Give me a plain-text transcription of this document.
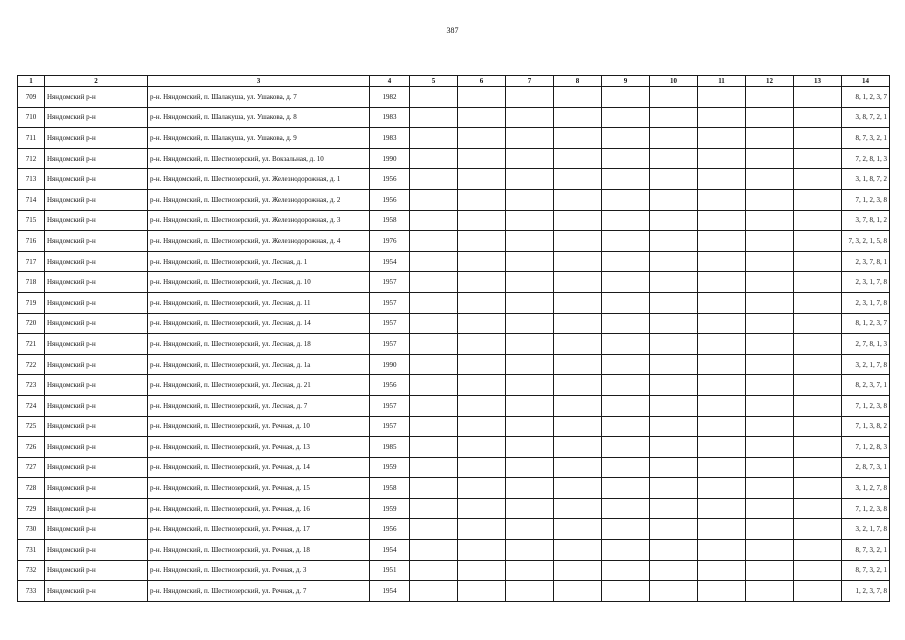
387
1	2	3	4	5	6	7	8	9	10	11	12	13	14
709	Няндомский р-н	р-н. Няндомский, п. Шалакуша, ул. Ушакова, д. 7	1982										8, 1, 2, 3, 7
710	Няндомский р-н	р-н. Няндомский, п. Шалакуша, ул. Ушакова, д. 8	1983										3, 8, 7, 2, 1
711	Няндомский р-н	р-н. Няндомский, п. Шалакуша, ул. Ушакова, д. 9	1983										8, 7, 3, 2, 1
712	Няндомский р-н	р-н. Няндомский, п. Шестиозерский, ул. Вокзальная, д. 10	1990										7, 2, 8, 1, 3
713	Няндомский р-н	р-н. Няндомский, п. Шестиозерский, ул. Железнодорожная, д. 1	1956										3, 1, 8, 7, 2
714	Няндомский р-н	р-н. Няндомский, п. Шестиозерский, ул. Железнодорожная, д. 2	1956										7, 1, 2, 3, 8
715	Няндомский р-н	р-н. Няндомский, п. Шестиозерский, ул. Железнодорожная, д. 3	1958										3, 7, 8, 1, 2
716	Няндомский р-н	р-н. Няндомский, п. Шестиозерский, ул. Железнодорожная, д. 4	1976										7, 3, 2, 1, 5, 8
717	Няндомский р-н	р-н. Няндомский, п. Шестиозерский, ул. Лесная, д. 1	1954										2, 3, 7, 8, 1
718	Няндомский р-н	р-н. Няндомский, п. Шестиозерский, ул. Лесная, д. 10	1957										2, 3, 1, 7, 8
719	Няндомский р-н	р-н. Няндомский, п. Шестиозерский, ул. Лесная, д. 11	1957										2, 3, 1, 7, 8
720	Няндомский р-н	р-н. Няндомский, п. Шестиозерский, ул. Лесная, д. 14	1957										8, 1, 2, 3, 7
721	Няндомский р-н	р-н. Няндомский, п. Шестиозерский, ул. Лесная, д. 18	1957										2, 7, 8, 1, 3
722	Няндомский р-н	р-н. Няндомский, п. Шестиозерский, ул. Лесная, д. 1а	1990										3, 2, 1, 7, 8
723	Няндомский р-н	р-н. Няндомский, п. Шестиозерский, ул. Лесная, д. 21	1956										8, 2, 3, 7, 1
724	Няндомский р-н	р-н. Няндомский, п. Шестиозерский, ул. Лесная, д. 7	1957										7, 1, 2, 3, 8
725	Няндомский р-н	р-н. Няндомский, п. Шестиозерский, ул. Речная, д. 10	1957										7, 1, 3, 8, 2
726	Няндомский р-н	р-н. Няндомский, п. Шестиозерский, ул. Речная, д. 13	1985										7, 1, 2, 8, 3
727	Няндомский р-н	р-н. Няндомский, п. Шестиозерский, ул. Речная, д. 14	1959										2, 8, 7, 3, 1
728	Няндомский р-н	р-н. Няндомский, п. Шестиозерский, ул. Речная, д. 15	1958										3, 1, 2, 7, 8
729	Няндомский р-н	р-н. Няндомский, п. Шестиозерский, ул. Речная, д. 16	1959										7, 1, 2, 3, 8
730	Няндомский р-н	р-н. Няндомский, п. Шестиозерский, ул. Речная, д. 17	1956										3, 2, 1, 7, 8
731	Няндомский р-н	р-н. Няндомский, п. Шестиозерский, ул. Речная, д. 18	1954										8, 7, 3, 2, 1
732	Няндомский р-н	р-н. Няндомский, п. Шестиозерский, ул. Речная, д. 3	1951										8, 7, 3, 2, 1
733	Няндомский р-н	р-н. Няндомский, п. Шестиозерский, ул. Речная, д. 7	1954										1, 2, 3, 7, 8
